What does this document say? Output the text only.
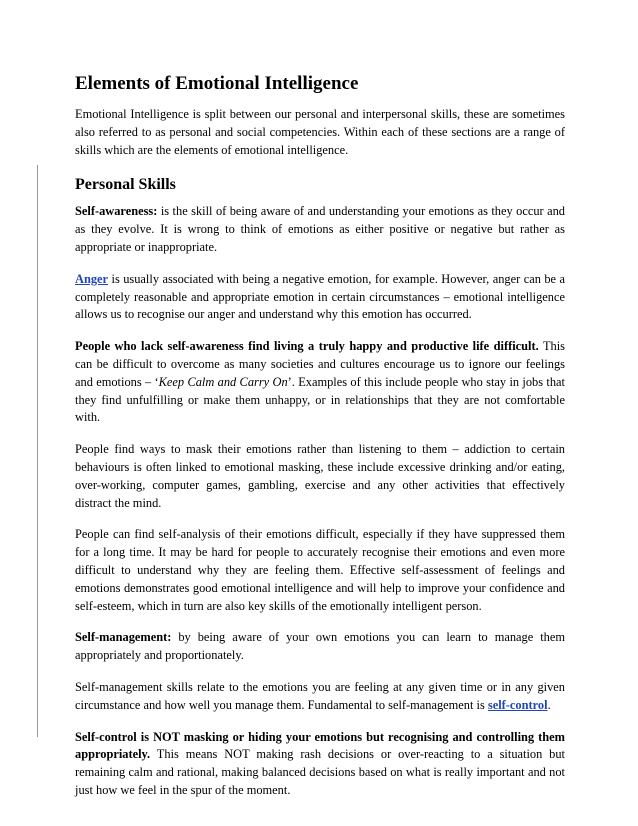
Elements of Emotional Intelligence

Emotional Intelligence is split between our personal and interpersonal skills, these are sometimes also referred to as personal and social competencies. Within each of these sections are a range of skills which are the elements of emotional intelligence.

Personal Skills

Self-awareness: is the skill of being aware of and understanding your emotions as they occur and as they evolve. It is wrong to think of emotions as either positive or negative but rather as appropriate or inappropriate.

Anger is usually associated with being a negative emotion, for example. However, anger can be a completely reasonable and appropriate emotion in certain circumstances – emotional intelligence allows us to recognise our anger and understand why this emotion has occurred.

People who lack self-awareness find living a truly happy and productive life difficult. This can be difficult to overcome as many societies and cultures encourage us to ignore our feelings and emotions – ‘Keep Calm and Carry On’. Examples of this include people who stay in jobs that they find unfulfilling or make them unhappy, or in relationships that they are not comfortable with.

People find ways to mask their emotions rather than listening to them – addiction to certain behaviours is often linked to emotional masking, these include excessive drinking and/or eating, over-working, computer games, gambling, exercise and any other activities that effectively distract the mind.

People can find self-analysis of their emotions difficult, especially if they have suppressed them for a long time. It may be hard for people to accurately recognise their emotions and even more difficult to understand why they are feeling them. Effective self-assessment of feelings and emotions demonstrates good emotional intelligence and will help to improve your confidence and self-esteem, which in turn are also key skills of the emotionally intelligent person.

Self-management: by being aware of your own emotions you can learn to manage them appropriately and proportionately.

Self-management skills relate to the emotions you are feeling at any given time or in any given circumstance and how well you manage them. Fundamental to self-management is self-control.

Self-control is NOT masking or hiding your emotions but recognising and controlling them appropriately. This means NOT making rash decisions or over-reacting to a situation but remaining calm and rational, making balanced decisions based on what is really important and not just how we feel in the spur of the moment.
